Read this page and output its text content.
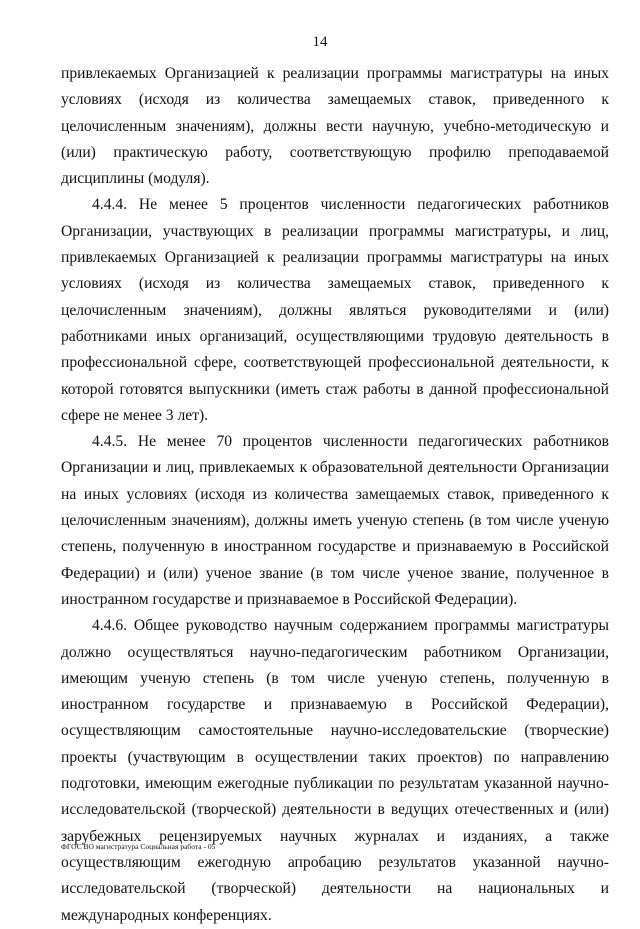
14

привлекаемых Организацией к реализации программы магистратуры на иных условиях (исходя из количества замещаемых ставок, приведенного к целочисленным значениям), должны вести научную, учебно-методическую и (или) практическую работу, соответствующую профилю преподаваемой дисциплины (модуля).

4.4.4. Не менее 5 процентов численности педагогических работников Организации, участвующих в реализации программы магистратуры, и лиц, привлекаемых Организацией к реализации программы магистратуры на иных условиях (исходя из количества замещаемых ставок, приведенного к целочисленным значениям), должны являться руководителями и (или) работниками иных организаций, осуществляющими трудовую деятельность в профессиональной сфере, соответствующей профессиональной деятельности, к которой готовятся выпускники (иметь стаж работы в данной профессиональной сфере не менее 3 лет).

4.4.5. Не менее 70 процентов численности педагогических работников Организации и лиц, привлекаемых к образовательной деятельности Организации на иных условиях (исходя из количества замещаемых ставок, приведенного к целочисленным значениям), должны иметь ученую степень (в том числе ученую степень, полученную в иностранном государстве и признаваемую в Российской Федерации) и (или) ученое звание (в том числе ученое звание, полученное в иностранном государстве и признаваемое в Российской Федерации).

4.4.6. Общее руководство научным содержанием программы магистратуры должно осуществляться научно-педагогическим работником Организации, имеющим ученую степень (в том числе ученую степень, полученную в иностранном государстве и признаваемую в Российской Федерации), осуществляющим самостоятельные научно-исследовательские (творческие) проекты (участвующим в осуществлении таких проектов) по направлению подготовки, имеющим ежегодные публикации по результатам указанной научно-исследовательской (творческой) деятельности в ведущих отечественных и (или) зарубежных рецензируемых научных журналах и изданиях, а также осуществляющим ежегодную апробацию результатов указанной научно-исследовательской (творческой) деятельности на национальных и международных конференциях.

ФГОС ВО магистратура Социальная работа - 05
